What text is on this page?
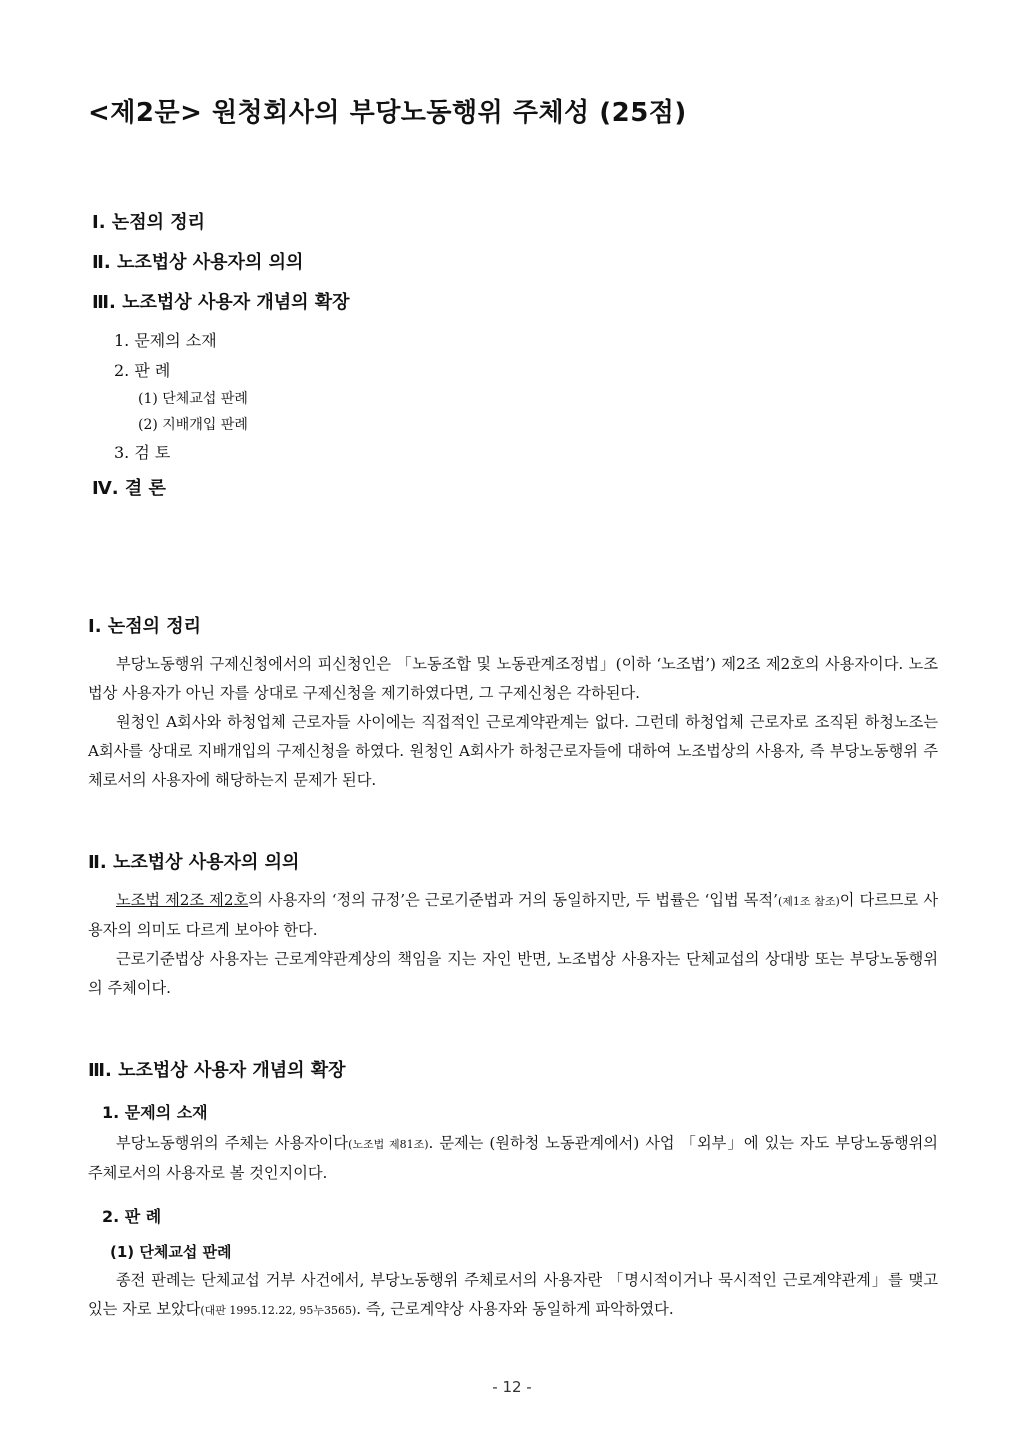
<제2문> 원청회사의 부당노동행위 주체성 (25점)
Ⅰ. 논점의 정리
Ⅱ. 노조법상 사용자의 의의
Ⅲ. 노조법상 사용자 개념의 확장
1. 문제의 소재
2. 판 례
(1) 단체교섭 판례
(2) 지배개입 판례
3. 검 토
Ⅳ. 결 론
Ⅰ. 논점의 정리

부당노동행위 구제신청에서의 피신청인은 「노동조합 및 노동관계조정법」(이하 ‘노조법’) 제2조 제2호의 사용자이다. 노조법상 사용자가 아닌 자를 상대로 구제신청을 제기하였다면, 그 구제신청은 각하된다.

원청인 A회사와 하청업체 근로자들 사이에는 직접적인 근로계약관계는 없다. 그런데 하청업체 근로자로 조직된 하청노조는 A회사를 상대로 지배개입의 구제신청을 하였다. 원청인 A회사가 하청근로자들에 대하여 노조법상의 사용자, 즉 부당노동행위 주체로서의 사용자에 해당하는지 문제가 된다.

Ⅱ. 노조법상 사용자의 의의

노조법 제2조 제2호의 사용자의 ‘정의 규정’은 근로기준법과 거의 동일하지만, 두 법률은 ‘입법 목적’(제1조 참조)이 다르므로 사용자의 의미도 다르게 보아야 한다.

근로기준법상 사용자는 근로계약관계상의 책임을 지는 자인 반면, 노조법상 사용자는 단체교섭의 상대방 또는 부당노동행위의 주체이다.

Ⅲ. 노조법상 사용자 개념의 확장
1. 문제의 소재

부당노동행위의 주체는 사용자이다(노조법 제81조). 문제는 (원하청 노동관계에서) 사업 「외부」에 있는 자도 부당노동행위의 주체로서의 사용자로 볼 것인지이다.

2. 판 례
(1) 단체교섭 판례

종전 판례는 단체교섭 거부 사건에서, 부당노동행위 주체로서의 사용자란 「명시적이거나 묵시적인 근로계약관계」를 맺고 있는 자로 보았다(대판 1995.12.22, 95누3565). 즉, 근로계약상 사용자와 동일하게 파악하였다.

- 12 -
